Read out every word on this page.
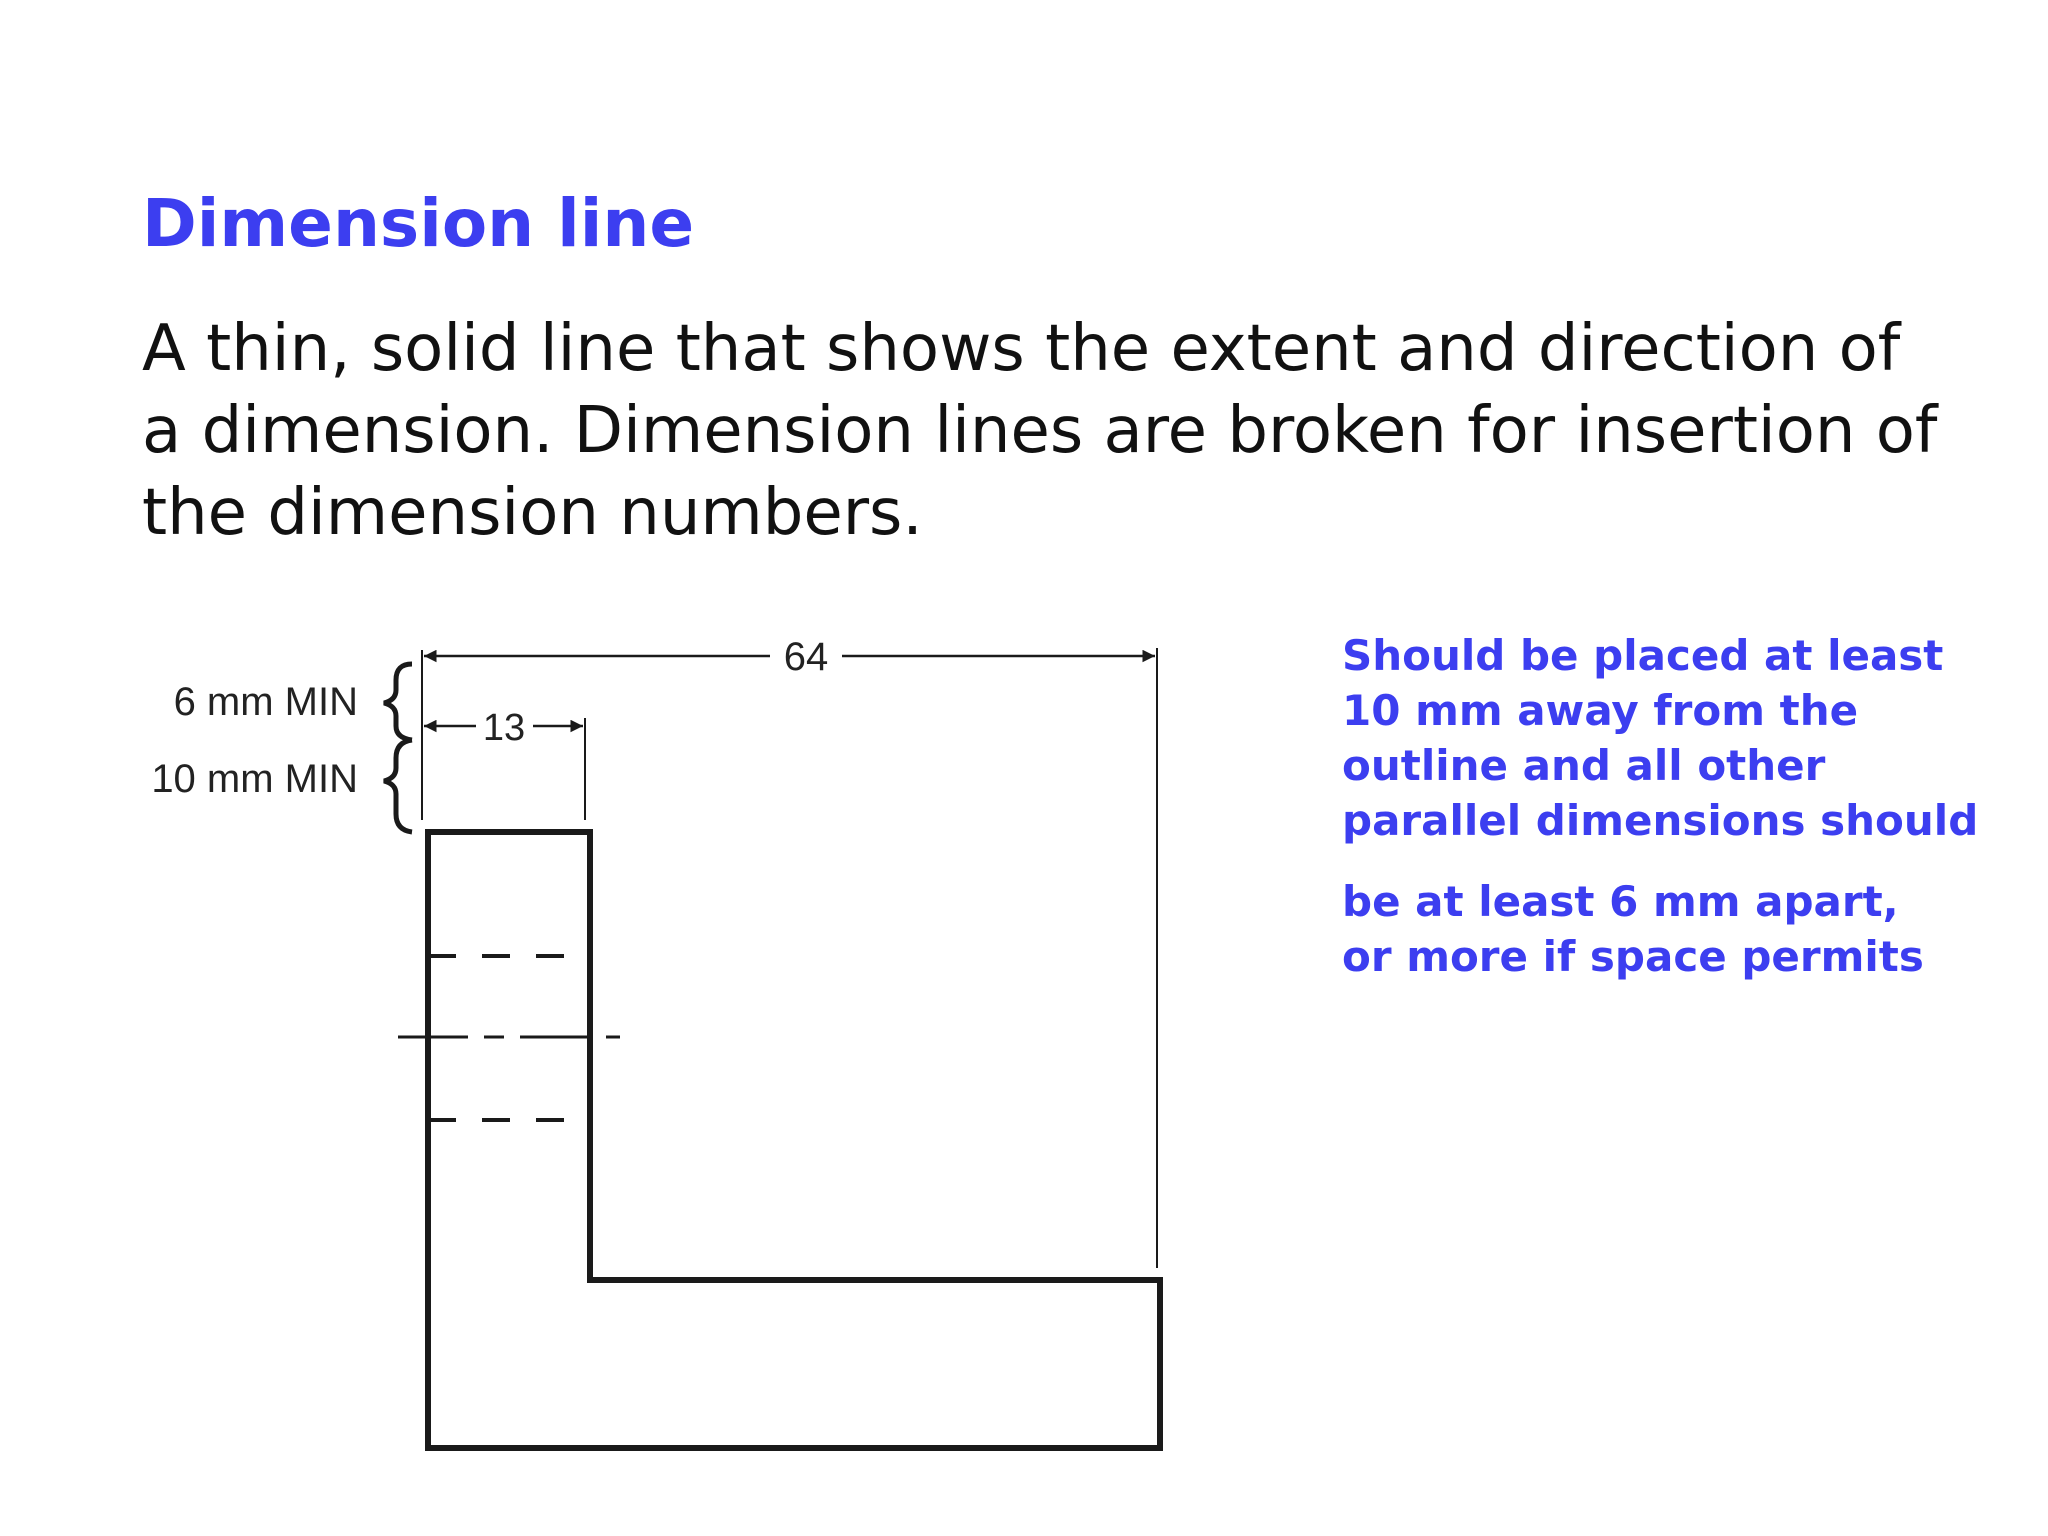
Dimension line
A thin, solid line that shows the extent and direction of
a dimension. Dimension lines are broken for insertion of
the dimension numbers.
Should be placed at least
10 mm away from the
outline and all other
parallel dimensions should
be at least 6 mm apart,
or more if space permits
64
13
6 mm MIN
10 mm MIN
